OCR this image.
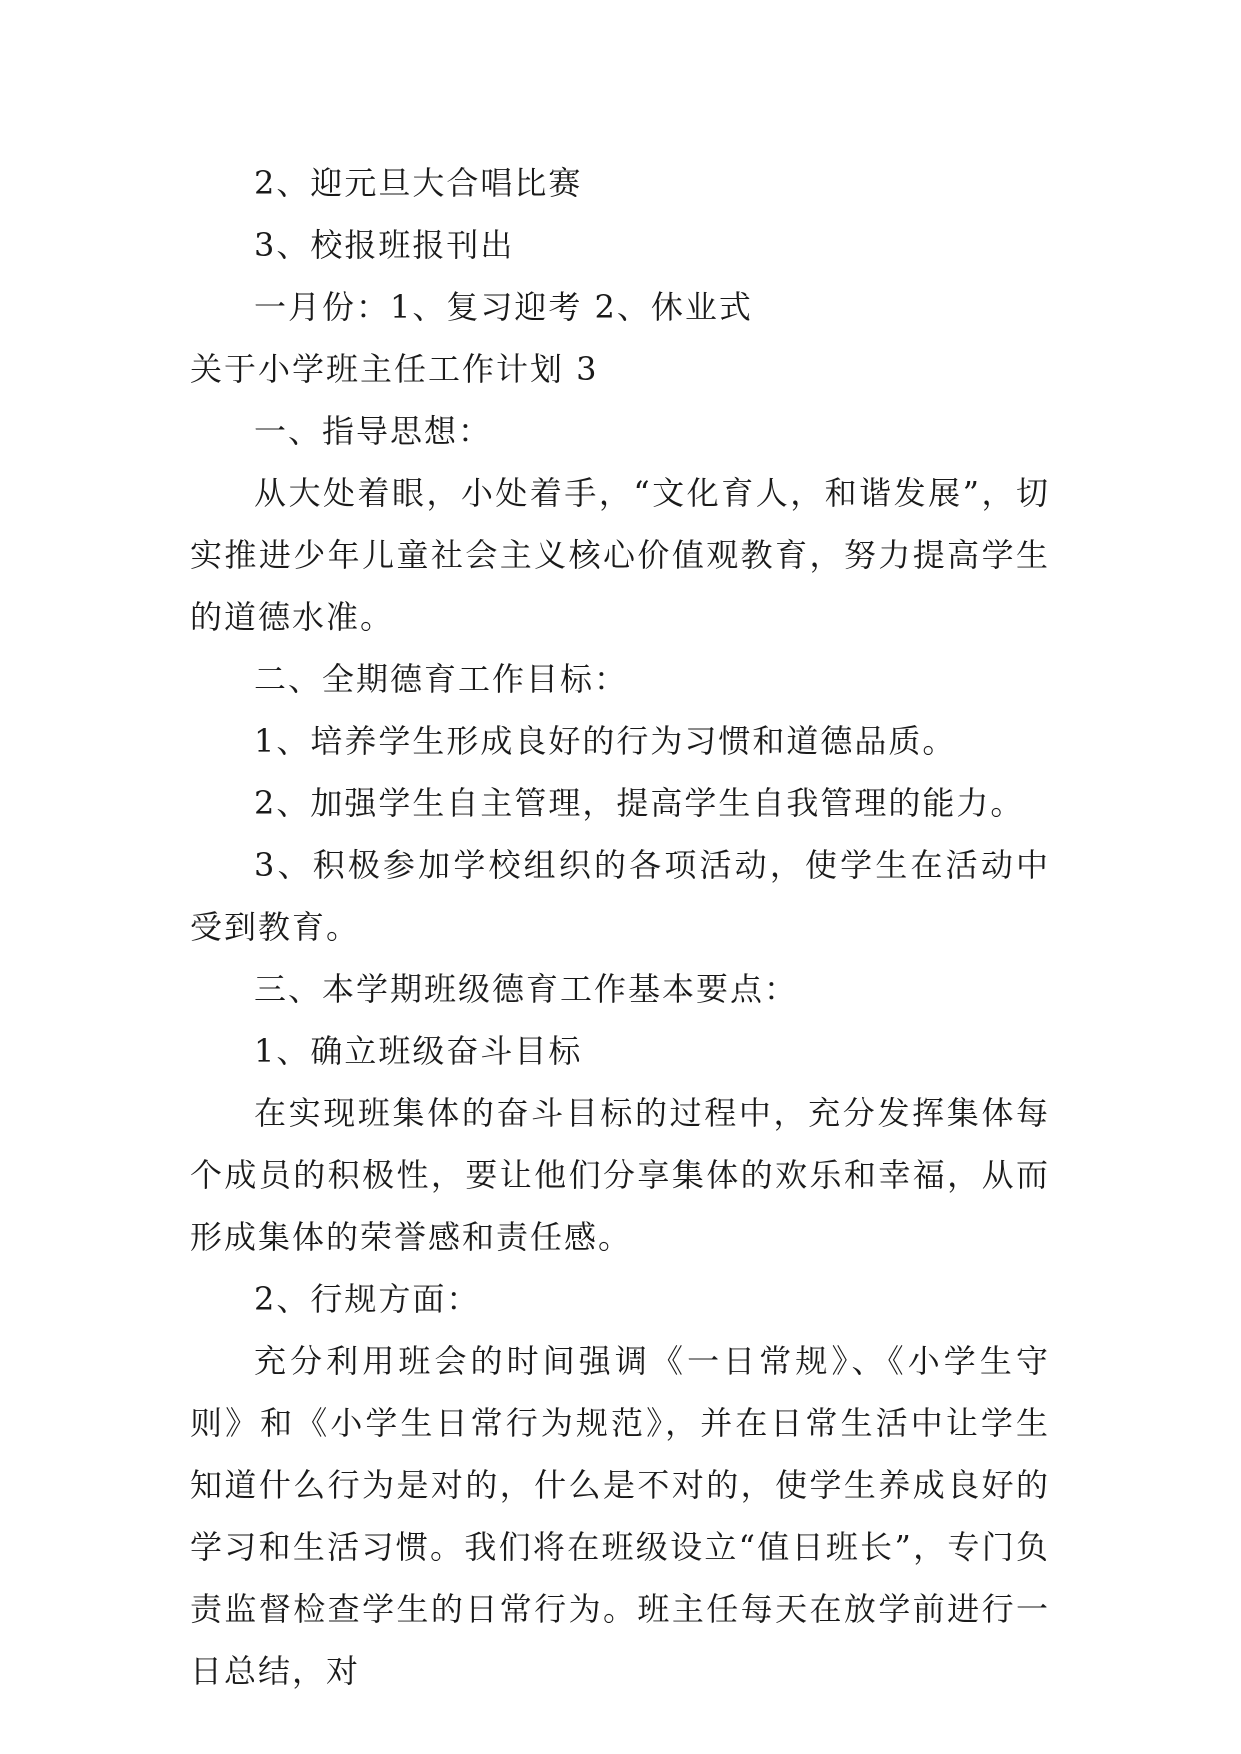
2、迎元旦大合唱比赛

3、校报班报刊出

一月份：1、复习迎考 2、休业式

关于小学班主任工作计划 3

一、指导思想：

从大处着眼，小处着手，“文化育人，和谐发展”，切实推进少年儿童社会主义核心价值观教育，努力提高学生的道德水准。

二、全期德育工作目标：

1、培养学生形成良好的行为习惯和道德品质。

2、加强学生自主管理，提高学生自我管理的能力。

3、积极参加学校组织的各项活动，使学生在活动中受到教育。

三、本学期班级德育工作基本要点：

1、确立班级奋斗目标

在实现班集体的奋斗目标的过程中，充分发挥集体每个成员的积极性，要让他们分享集体的欢乐和幸福，从而形成集体的荣誉感和责任感。

2、行规方面：

充分利用班会的时间强调《一日常规》、《小学生守则》和《小学生日常行为规范》，并在日常生活中让学生知道什么行为是对的，什么是不对的，使学生养成良好的学习和生活习惯。我们将在班级设立“值日班长”，专门负责监督检查学生的日常行为。班主任每天在放学前进行一日总结，对
